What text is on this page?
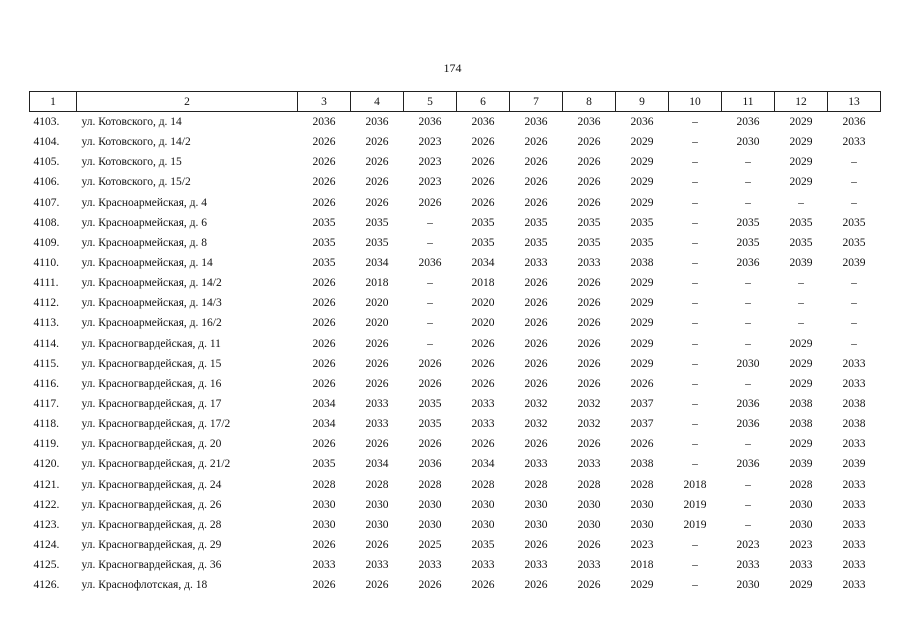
174
1	2	3	4	5	6	7	8	9	10	11	12	13
4103.	ул. Котовского, д. 14	2036	2036	2036	2036	2036	2036	2036	–	2036	2029	2036
4104.	ул. Котовского, д. 14/2	2026	2026	2023	2026	2026	2026	2029	–	2030	2029	2033
4105.	ул. Котовского, д. 15	2026	2026	2023	2026	2026	2026	2029	–	–	2029	–
4106.	ул. Котовского, д. 15/2	2026	2026	2023	2026	2026	2026	2029	–	–	2029	–
4107.	ул. Красноармейская, д. 4	2026	2026	2026	2026	2026	2026	2029	–	–	–	–
4108.	ул. Красноармейская, д. 6	2035	2035	–	2035	2035	2035	2035	–	2035	2035	2035
4109.	ул. Красноармейская, д. 8	2035	2035	–	2035	2035	2035	2035	–	2035	2035	2035
4110.	ул. Красноармейская, д. 14	2035	2034	2036	2034	2033	2033	2038	–	2036	2039	2039
4111.	ул. Красноармейская, д. 14/2	2026	2018	–	2018	2026	2026	2029	–	–	–	–
4112.	ул. Красноармейская, д. 14/3	2026	2020	–	2020	2026	2026	2029	–	–	–	–
4113.	ул. Красноармейская, д. 16/2	2026	2020	–	2020	2026	2026	2029	–	–	–	–
4114.	ул. Красногвардейская, д. 11	2026	2026	–	2026	2026	2026	2029	–	–	2029	–
4115.	ул. Красногвардейская, д. 15	2026	2026	2026	2026	2026	2026	2029	–	2030	2029	2033
4116.	ул. Красногвардейская, д. 16	2026	2026	2026	2026	2026	2026	2026	–	–	2029	2033
4117.	ул. Красногвардейская, д. 17	2034	2033	2035	2033	2032	2032	2037	–	2036	2038	2038
4118.	ул. Красногвардейская, д. 17/2	2034	2033	2035	2033	2032	2032	2037	–	2036	2038	2038
4119.	ул. Красногвардейская, д. 20	2026	2026	2026	2026	2026	2026	2026	–	–	2029	2033
4120.	ул. Красногвардейская, д. 21/2	2035	2034	2036	2034	2033	2033	2038	–	2036	2039	2039
4121.	ул. Красногвардейская, д. 24	2028	2028	2028	2028	2028	2028	2028	2018	–	2028	2033
4122.	ул. Красногвардейская, д. 26	2030	2030	2030	2030	2030	2030	2030	2019	–	2030	2033
4123.	ул. Красногвардейская, д. 28	2030	2030	2030	2030	2030	2030	2030	2019	–	2030	2033
4124.	ул. Красногвардейская, д. 29	2026	2026	2025	2035	2026	2026	2023	–	2023	2023	2033
4125.	ул. Красногвардейская, д. 36	2033	2033	2033	2033	2033	2033	2018	–	2033	2033	2033
4126.	ул. Краснофлотская, д. 18	2026	2026	2026	2026	2026	2026	2029	–	2030	2029	2033
